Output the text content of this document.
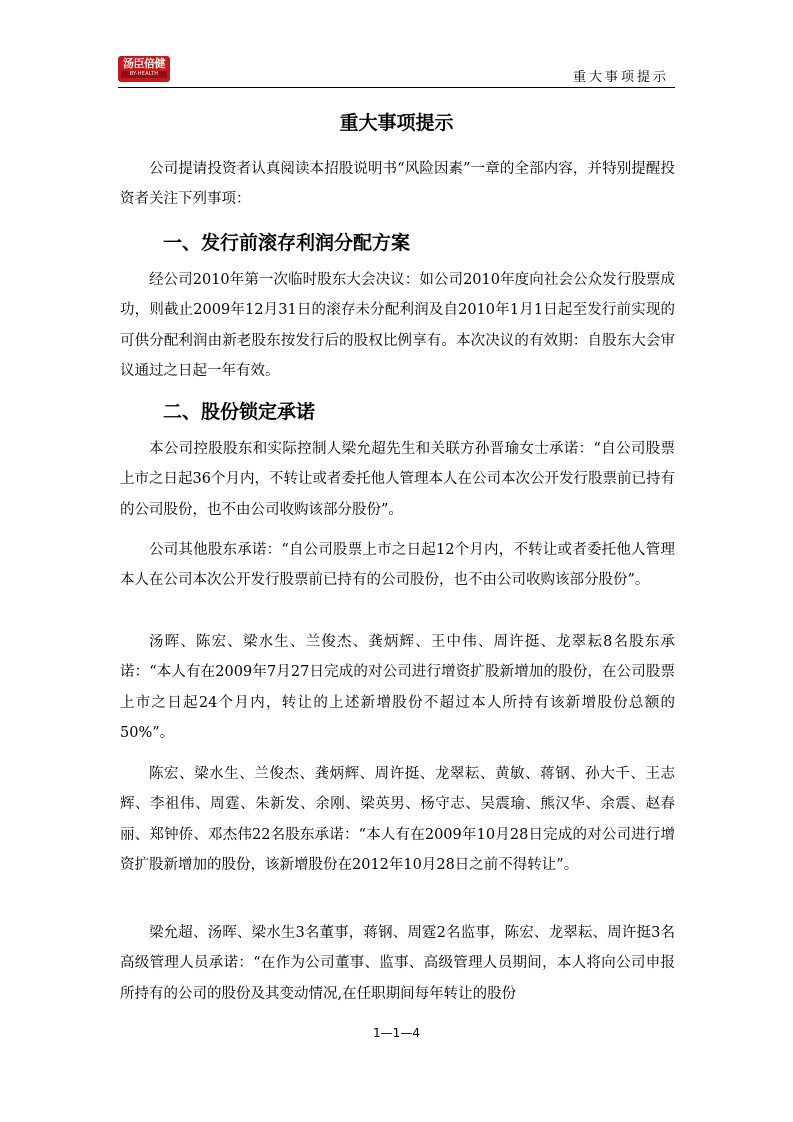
汤臣倍健
BY-HEALTH	重大事项提示
重大事项提示

公司提请投资者认真阅读本招股说明书“风险因素”一章的全部内容，并特别提醒投资者关注下列事项：

一、发行前滚存利润分配方案

经公司2010年第一次临时股东大会决议：如公司2010年度向社会公众发行股票成功，则截止2009年12月31日的滚存未分配利润及自2010年1月1日起至发行前实现的可供分配利润由新老股东按发行后的股权比例享有。本次决议的有效期：自股东大会审议通过之日起一年有效。

二、股份锁定承诺

本公司控股股东和实际控制人梁允超先生和关联方孙晋瑜女士承诺：“自公司股票上市之日起36个月内，不转让或者委托他人管理本人在公司本次公开发行股票前已持有的公司股份，也不由公司收购该部分股份”。

公司其他股东承诺：“自公司股票上市之日起12个月内，不转让或者委托他人管理本人在公司本次公开发行股票前已持有的公司股份，也不由公司收购该部分股份”。

汤晖、陈宏、梁水生、兰俊杰、龚炳辉、王中伟、周许挺、龙翠耘8名股东承诺：“本人有在2009年7月27日完成的对公司进行增资扩股新增加的股份，在公司股票上市之日起24个月内，转让的上述新增股份不超过本人所持有该新增股份总额的50%”。

陈宏、梁水生、兰俊杰、龚炳辉、周许挺、龙翠耘、黄敏、蒋钢、孙大千、王志辉、李祖伟、周霆、朱新发、余刚、梁英男、杨守志、吴震瑜、熊汉华、余震、赵春丽、郑钟侨、邓杰伟22名股东承诺：“本人有在2009年10月28日完成的对公司进行增资扩股新增加的股份，该新增股份在2012年10月28日之前不得转让”。

梁允超、汤晖、梁水生3名董事，蒋钢、周霆2名监事，陈宏、龙翠耘、周许挺3名高级管理人员承诺：“在作为公司董事、监事、高级管理人员期间，本人将向公司申报所持有的公司的股份及其变动情况,在任职期间每年转让的股份

1—1—4
